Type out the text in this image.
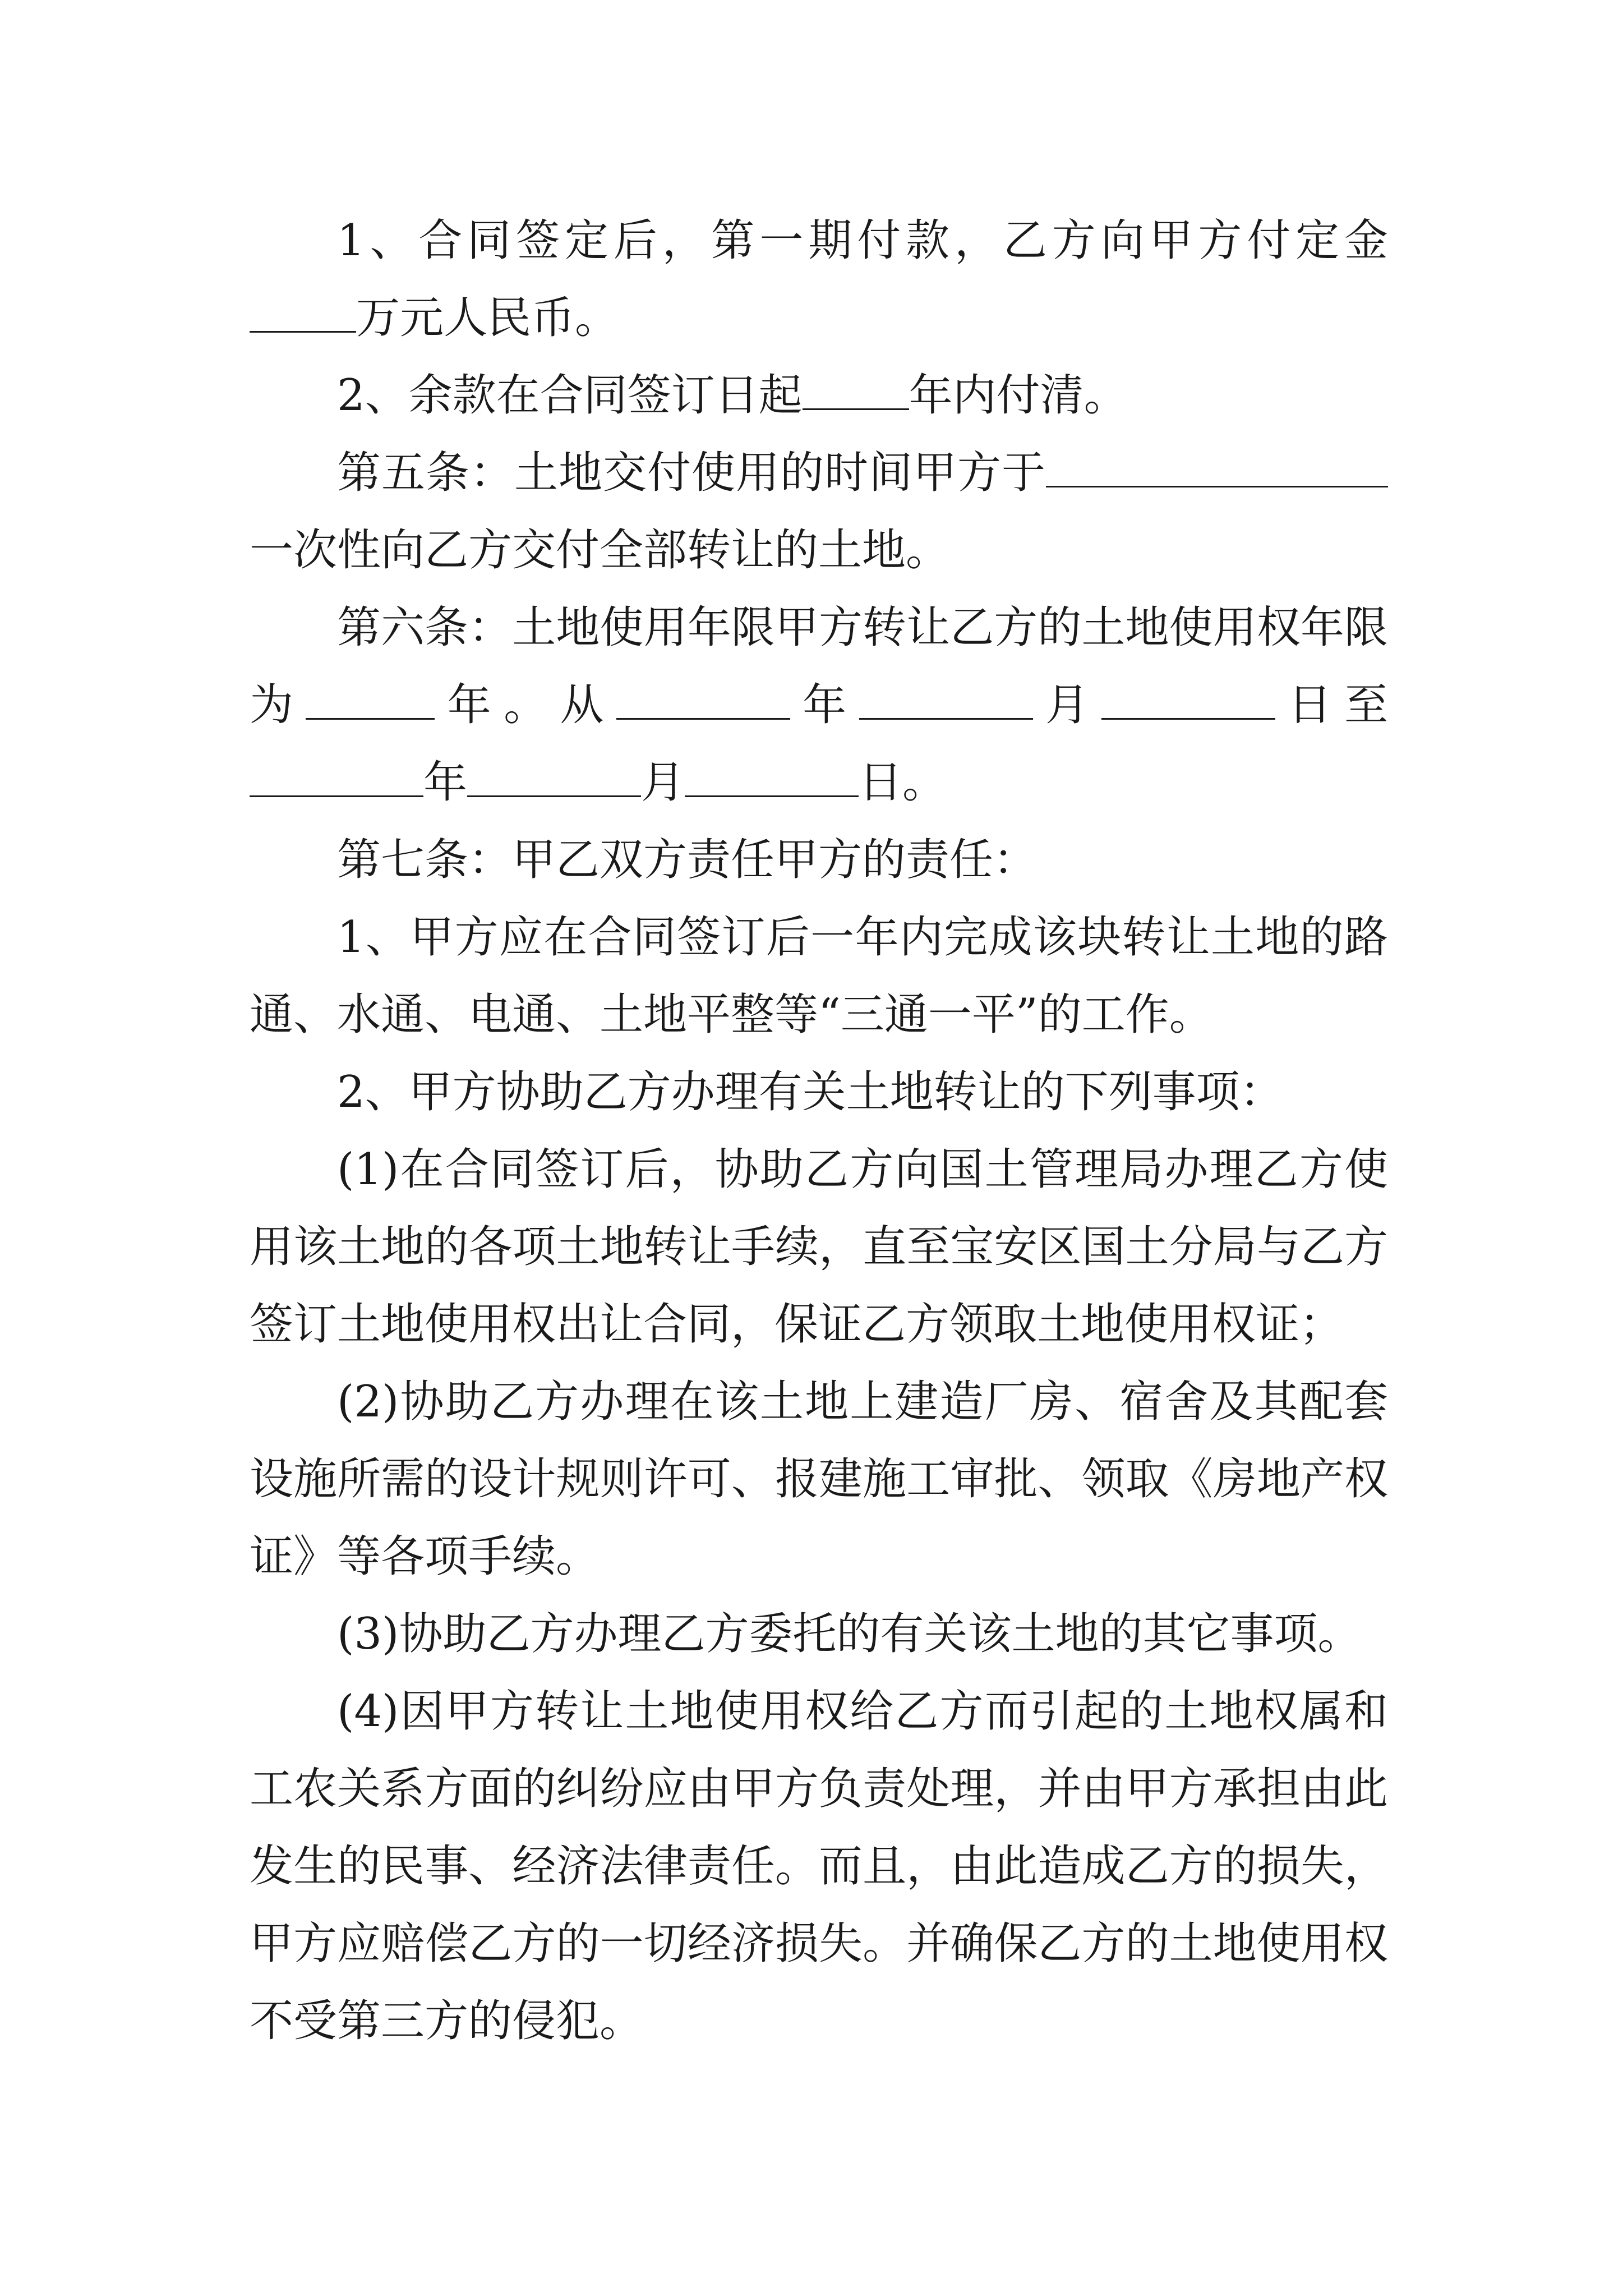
1、合同签定后，第一期付款，乙方向甲方付定金万元人民币。

2、余款在合同签订日起 年内付清。

第五条：土地交付使用的时间甲方于一次性向乙方交付全部转让的土地。

第六条：土地使用年限甲方转让乙方的土地使用权年限为	年。从	年	月	日至年	月	日。

第七条：甲乙双方责任甲方的责任：

1、甲方应在合同签订后一年内完成该块转让土地的路通、水通、电通、土地平整等“三通一平”的工作。

2、甲方协助乙方办理有关土地转让的下列事项：

(1)在合同签订后，协助乙方向国土管理局办理乙方使用该土地的各项土地转让手续，直至宝安区国土分局与乙方签订土地使用权出让合同，保证乙方领取土地使用权证；

(2)协助乙方办理在该土地上建造厂房、宿舍及其配套设施所需的设计规则许可、报建施工审批、领取《房地产权证》等各项手续。

(3)协助乙方办理乙方委托的有关该土地的其它事项。

(4)因甲方转让土地使用权给乙方而引起的土地权属和工农关系方面的纠纷应由甲方负责处理，并由甲方承担由此发生的民事、经济法律责任。而且，由此造成乙方的损失，甲方应赔偿乙方的一切经济损失。并确保乙方的土地使用权不受第三方的侵犯。
